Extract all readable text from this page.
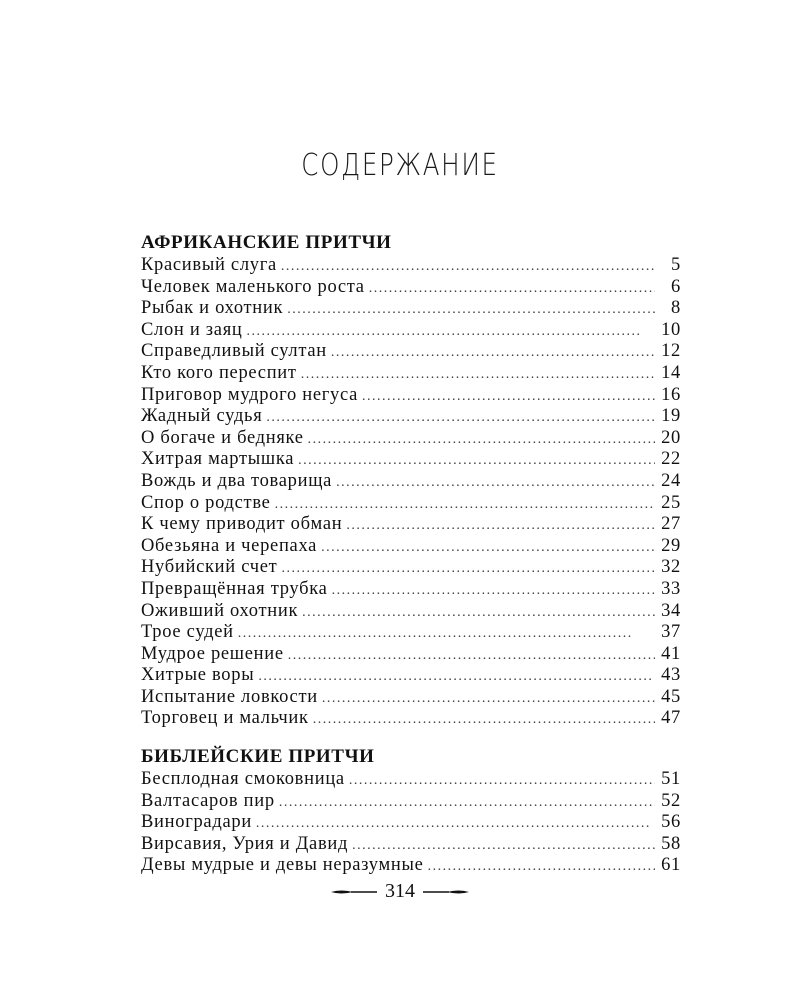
СОДЕРЖАНИЕ
АФРИКАНСКИЕ ПРИТЧИ
Красивый слуга . . .	5
Человек маленького роста . . .	6
Рыбак и охотник . . .	8
Слон и заяц . . .	10
Справедливый султан . . .	12
Кто кого переспит . . .	14
Приговор мудрого негуса . . .	16
Жадный судья . . .	19
О богаче и бедняке . . .	20
Хитрая мартышка . . .	22
Вождь и два товарища . . .	24
Спор о родстве . . .	25
К чему приводит обман . . .	27
Обезьяна и черепаха . . .	29
Нубийский счет . . .	32
Превращённая трубка . . .	33
Оживший охотник . . .	34
Трое судей . . .	37
Мудрое решение . . .	41
Хитрые воры . . .	43
Испытание ловкости . . .	45
Торговец и мальчик . . .	47
БИБЛЕЙСКИЕ ПРИТЧИ
Бесплодная смоковница . . .	51
Валтасаров пир . . .	52
Виноградари . . .	56
Вирсавия, Урия и Давид . . .	58
Девы мудрые и девы неразумные . . .	61
314
